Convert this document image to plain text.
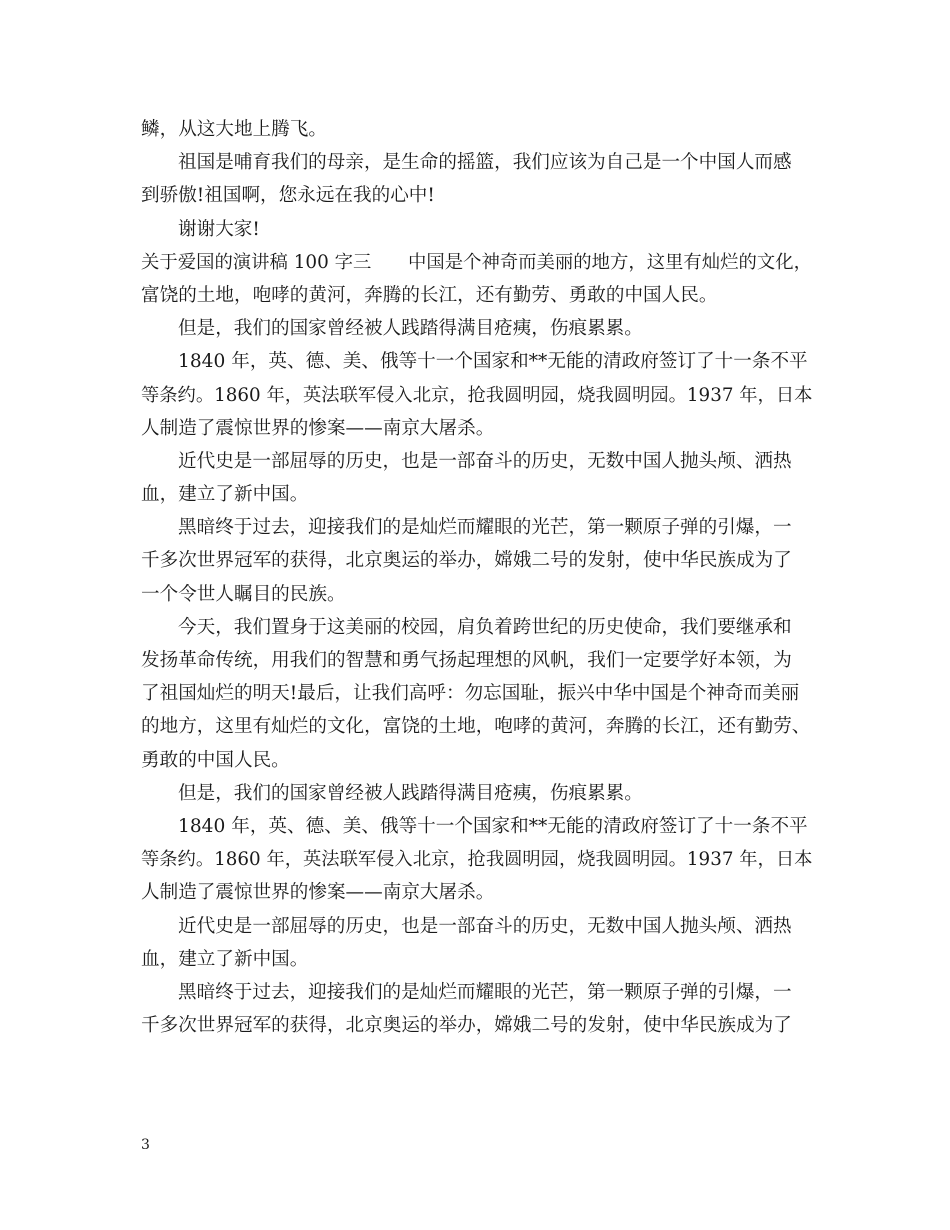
鳞，从这大地上腾飞。
祖国是哺育我们的母亲，是生命的摇篮，我们应该为自己是一个中国人而感
到骄傲!祖国啊，您永远在我的心中!
谢谢大家!
关于爱国的演讲稿 100 字三　　中国是个神奇而美丽的地方，这里有灿烂的文化，
富饶的土地，咆哮的黄河，奔腾的长江，还有勤劳、勇敢的中国人民。
但是，我们的国家曾经被人践踏得满目疮痍，伤痕累累。
1840 年，英、德、美、俄等十一个国家和**无能的清政府签订了十一条不平
等条约。1860 年，英法联军侵入北京，抢我圆明园，烧我圆明园。1937 年，日本
人制造了震惊世界的惨案——南京大屠杀。
近代史是一部屈辱的历史，也是一部奋斗的历史，无数中国人抛头颅、洒热
血，建立了新中国。
黑暗终于过去，迎接我们的是灿烂而耀眼的光芒，第一颗原子弹的引爆，一
千多次世界冠军的获得，北京奥运的举办，嫦娥二号的发射，使中华民族成为了
一个令世人瞩目的民族。
今天，我们置身于这美丽的校园，肩负着跨世纪的历史使命，我们要继承和
发扬革命传统，用我们的智慧和勇气扬起理想的风帆，我们一定要学好本领，为
了祖国灿烂的明天!最后，让我们高呼：勿忘国耻，振兴中华中国是个神奇而美丽
的地方，这里有灿烂的文化，富饶的土地，咆哮的黄河，奔腾的长江，还有勤劳、
勇敢的中国人民。
但是，我们的国家曾经被人践踏得满目疮痍，伤痕累累。
1840 年，英、德、美、俄等十一个国家和**无能的清政府签订了十一条不平
等条约。1860 年，英法联军侵入北京，抢我圆明园，烧我圆明园。1937 年，日本
人制造了震惊世界的惨案——南京大屠杀。
近代史是一部屈辱的历史，也是一部奋斗的历史，无数中国人抛头颅、洒热
血，建立了新中国。
黑暗终于过去，迎接我们的是灿烂而耀眼的光芒，第一颗原子弹的引爆，一
千多次世界冠军的获得，北京奥运的举办，嫦娥二号的发射，使中华民族成为了
3
